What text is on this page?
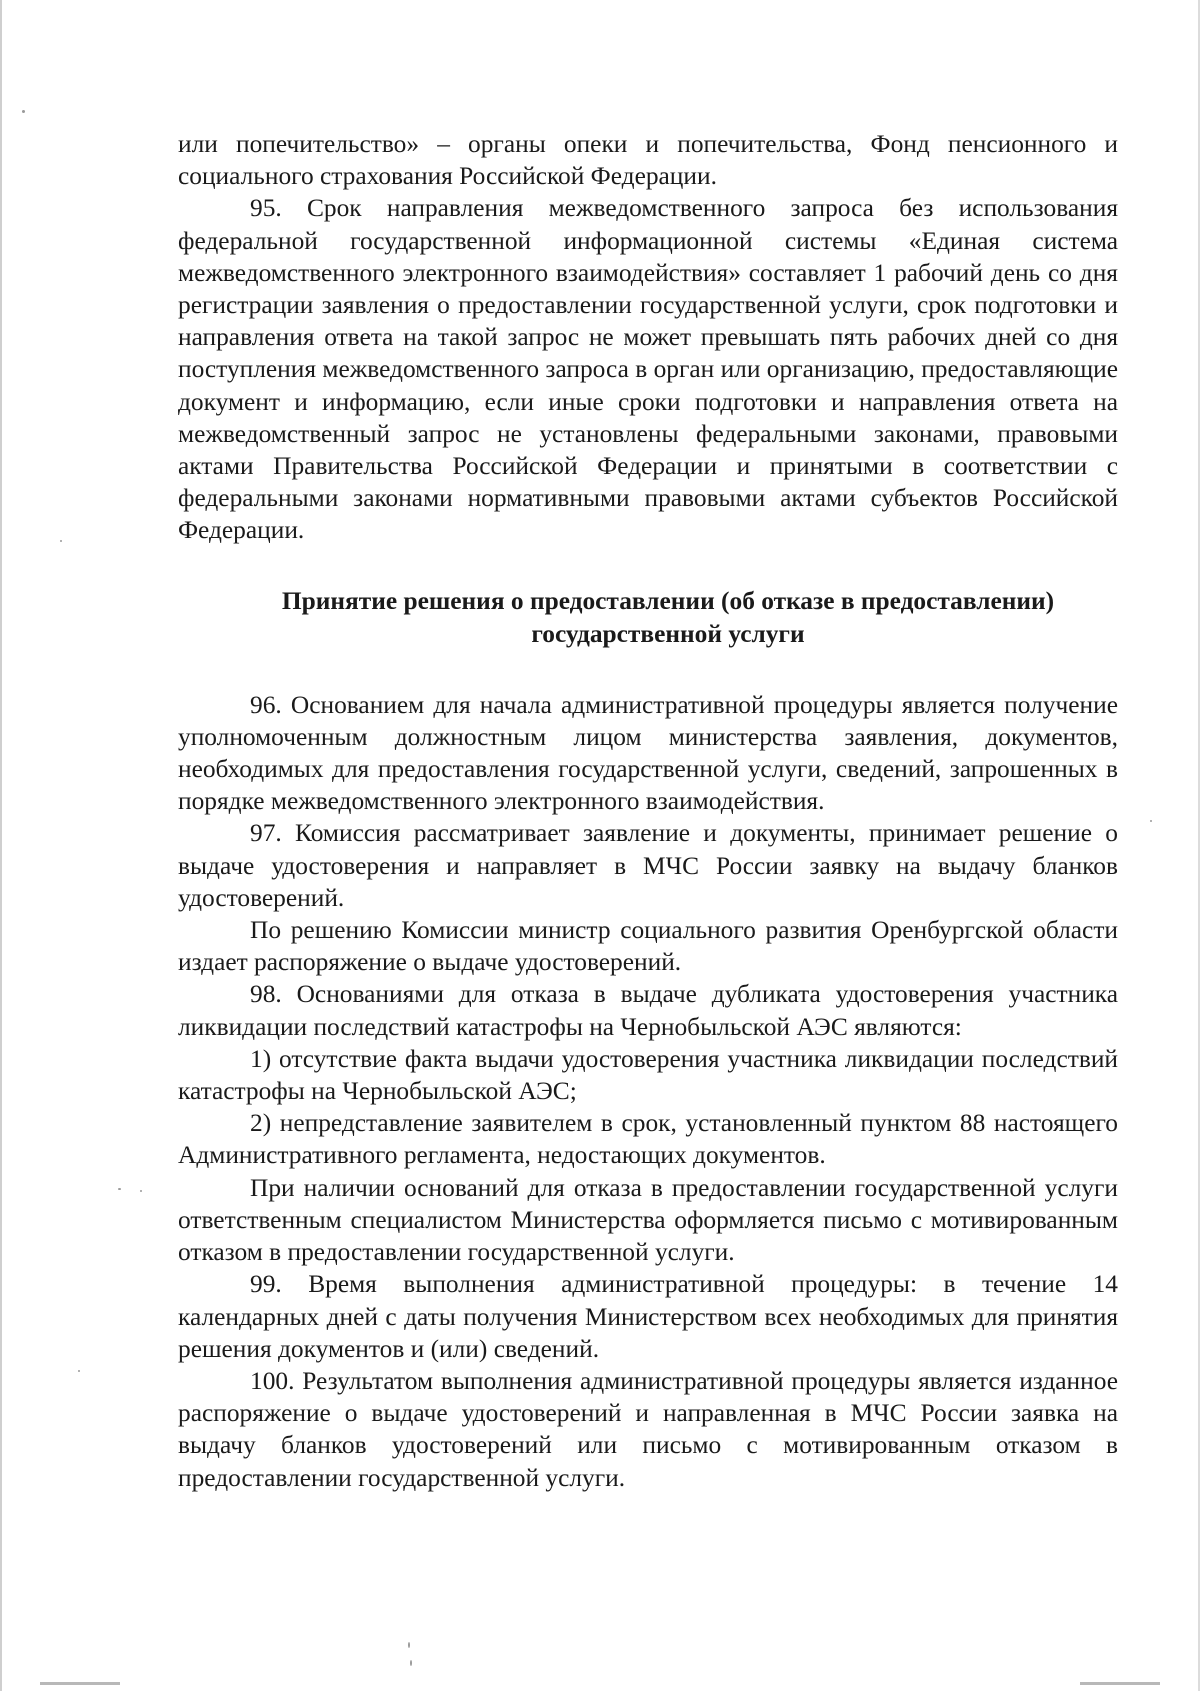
или попечительство» – органы опеки и попечительства, Фонд пенсионного и социального страхования Российской Федерации.

95. Срок направления межведомственного запроса без использования федеральной государственной информационной системы «Единая система межведомственного электронного взаимодействия» составляет 1 рабочий день со дня регистрации заявления о предоставлении государственной услуги, срок подготовки и направления ответа на такой запрос не может превышать пять рабочих дней со дня поступления межведомственного запроса в орган или организацию, предоставляющие документ и информацию, если иные сроки подготовки и направления ответа на межведомственный запрос не установлены федеральными законами, правовыми актами Правительства Российской Федерации и принятыми в соответствии с федеральными законами нормативными правовыми актами субъектов Российской Федерации.

Принятие решения о предоставлении (об отказе в предоставлении)
государственной услуги

96. Основанием для начала административной процедуры является получение уполномоченным должностным лицом министерства заявления, документов, необходимых для предоставления государственной услуги, сведений, запрошенных в порядке межведомственного электронного взаимодействия.

97. Комиссия рассматривает заявление и документы, принимает решение о выдаче удостоверения и направляет в МЧС России заявку на выдачу бланков удостоверений.

По решению Комиссии министр социального развития Оренбургской области издает распоряжение о выдаче удостоверений.

98. Основаниями для отказа в выдаче дубликата удостоверения участника ликвидации последствий катастрофы на Чернобыльской АЭС являются:

1) отсутствие факта выдачи удостоверения участника ликвидации последствий катастрофы на Чернобыльской АЭС;

2) непредставление заявителем в срок, установленный пунктом 88 настоящего Административного регламента, недостающих документов.

При наличии оснований для отказа в предоставлении государственной услуги ответственным специалистом Министерства оформляется письмо с мотивированным отказом в предоставлении государственной услуги.

99. Время выполнения административной процедуры: в течение 14 календарных дней с даты получения Министерством всех необходимых для принятия решения документов и (или) сведений.

100. Результатом выполнения административной процедуры является изданное распоряжение о выдаче удостоверений и направленная в МЧС России заявка на выдачу бланков удостоверений или письмо с мотивированным отказом в предоставлении государственной услуги.
